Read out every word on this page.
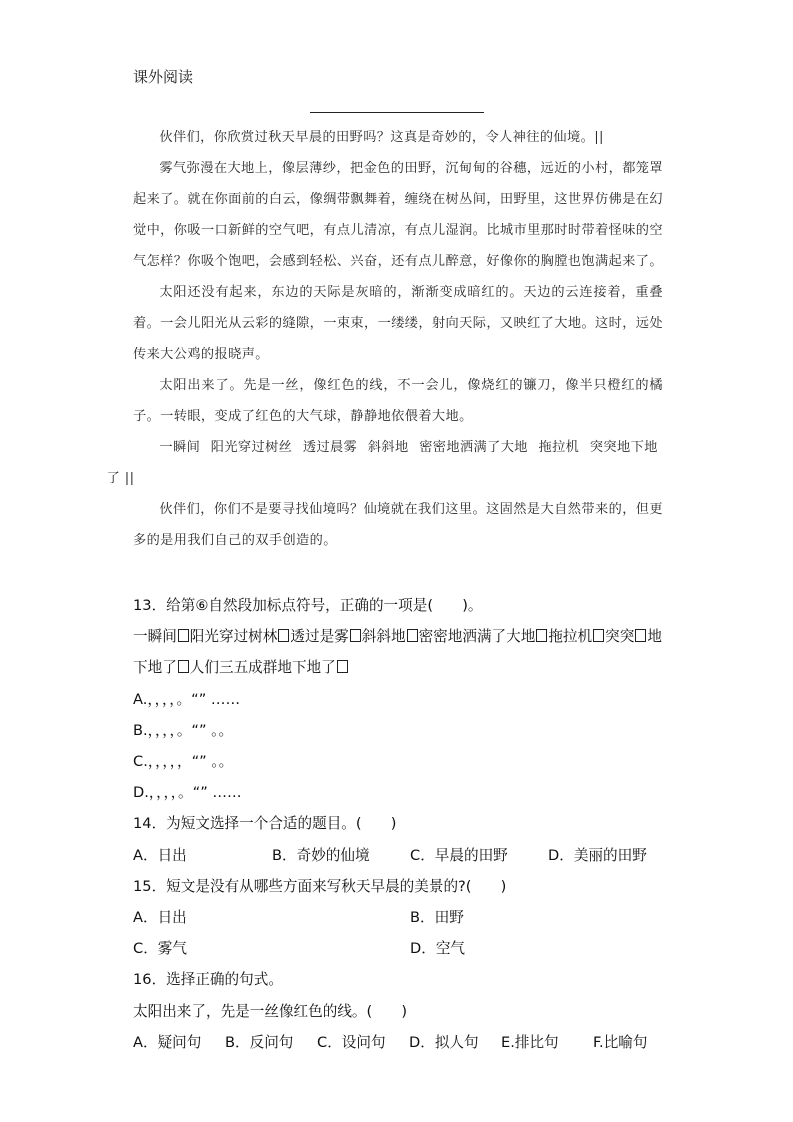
课外阅读

伙伴们，你欣赏过秋天早晨的田野吗？这真是奇妙的，令人神往的仙境。||

雾气弥漫在大地上，像层薄纱，把金色的田野，沉甸甸的谷穗，远近的小村，都笼罩起来了。就在你面前的白云，像绸带飘舞着，缠绕在树丛间，田野里，这世界仿佛是在幻觉中，你吸一口新鲜的空气吧，有点儿清凉，有点儿湿润。比城市里那时时带着怪味的空气怎样？你吸个饱吧，会感到轻松、兴奋，还有点儿醉意，好像你的胸膛也饱满起来了。

太阳还没有起来，东边的天际是灰暗的，渐渐变成暗红的。天边的云连接着，重叠着。一会儿阳光从云彩的缝隙，一束束，一缕缕，射向天际，又映红了大地。这时，远处传来大公鸡的报晓声。

太阳出来了。先是一丝，像红色的线，不一会儿，像烧红的镰刀，像半只橙红的橘子。一转眼，变成了红色的大气球，静静地依偎着大地。

一瞬间 阳光穿过树丝 透过晨雾 斜斜地 密密地洒满了大地 拖拉机 突突地下地
了 ||

伙伴们，你们不是要寻找仙境吗？仙境就在我们这里。这固然是大自然带来的，但更多的是用我们自己的双手创造的。

13．给第⑥自然段加标点符号，正确的一项是(　　)。
一瞬间 阳光穿过树林 透过是雾 斜斜地 密密地洒满了大地 拖拉机 突突 地
下地了 人们三五成群地下地了
A.，，，，。“” ……
B.，，，，。“” 。。
C.，，，，，“” 。。
D.，，，，。“” ……
14．为短文选择一个合适的题目。(　　)
A．日出	B．奇妙的仙境	C．早晨的田野	D．美丽的田野
15．短文是没有从哪些方面来写秋天早晨的美景的?(　　)
A．日出	B．田野
C．雾气	D．空气
16．选择正确的句式。
太阳出来了，先是一丝像红色的线。(　　)
A．疑问句 B．反问句 C．设问句 D．拟人句 E.排比句 F.比喻句
